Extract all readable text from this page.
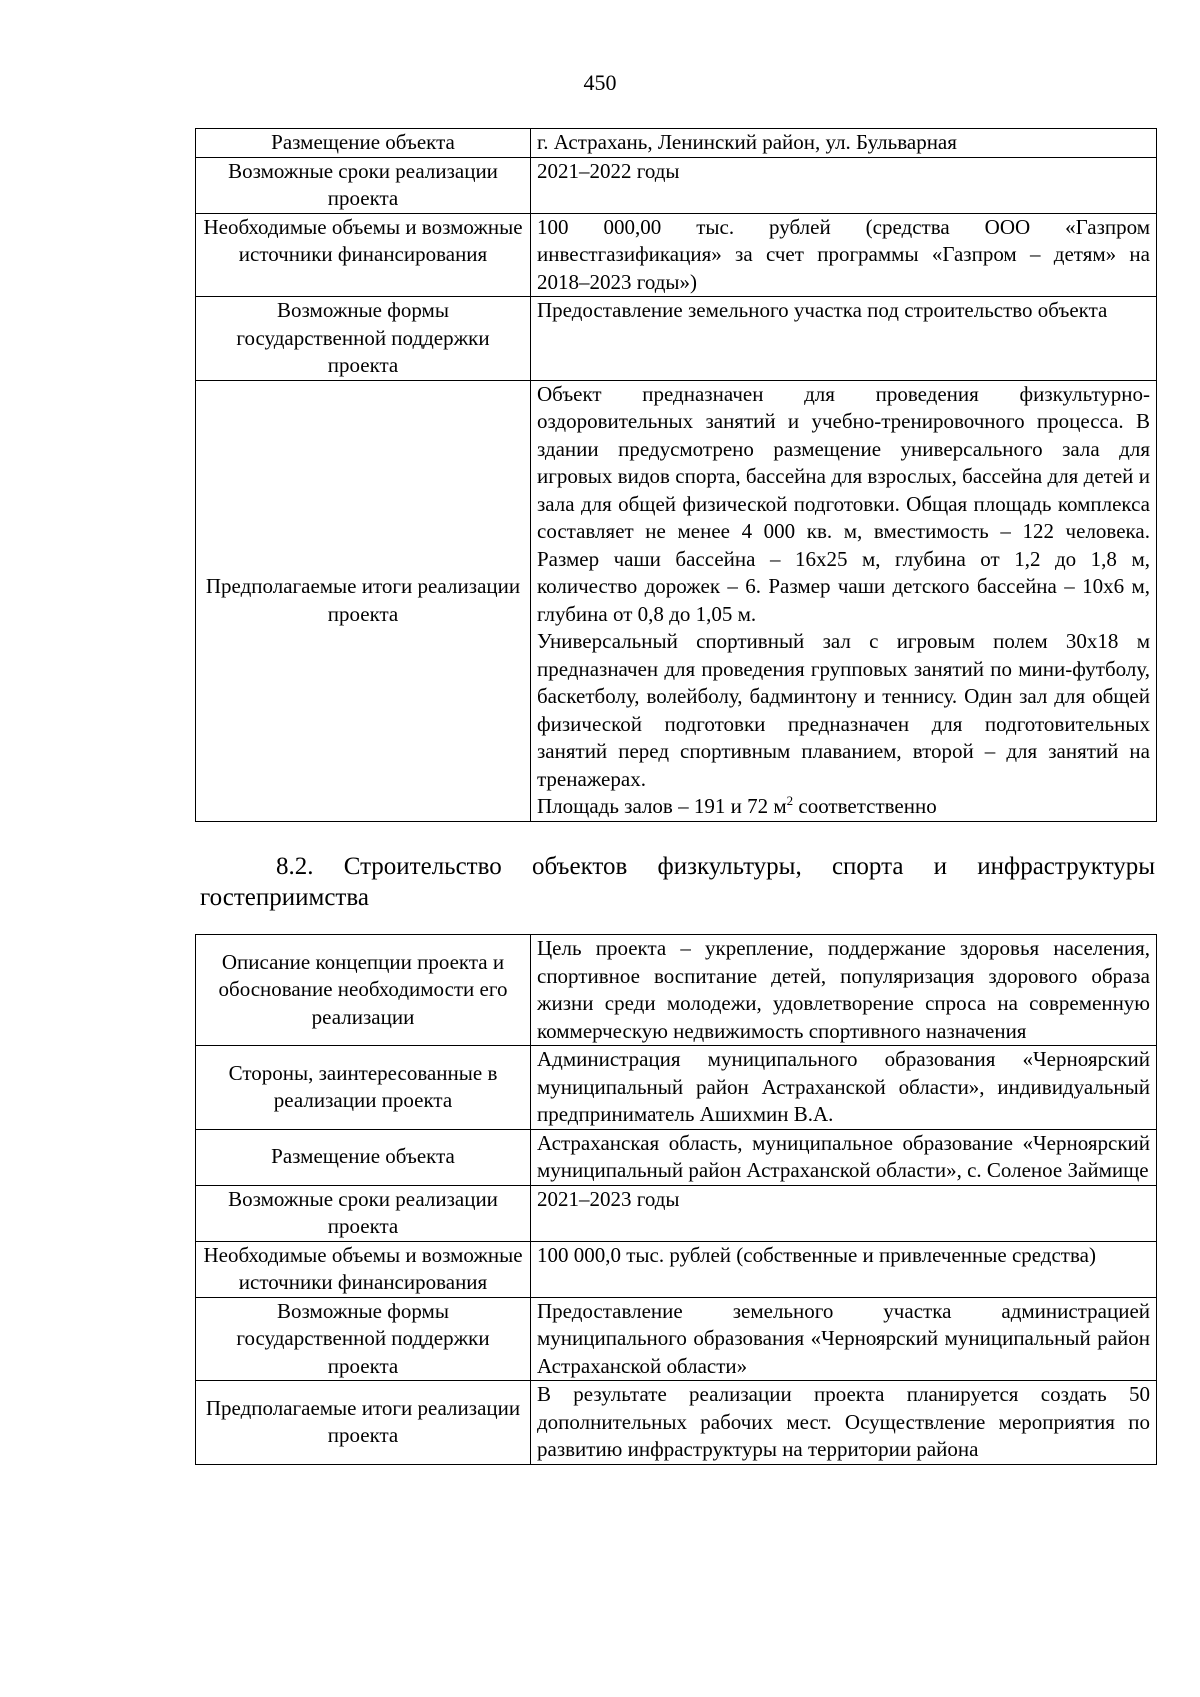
450
Размещение объекта	г. Астрахань, Ленинский район, ул. Бульварная
Возможные сроки реализации проекта	2021–2022 годы
Необходимые объемы и возможные источники финансирования	100 000,00 тыс. рублей (средства ООО «Газпром инвестгазификация» за счет программы «Газпром – детям» на 2018–2023 годы»)
Возможные формы государственной поддержки проекта	Предоставление земельного участка под строительство объекта
Предполагаемые итоги реализации проекта	Объект предназначен для проведения физкультурно-оздоровительных занятий и учебно-тренировочного процесса. В здании предусмотрено размещение универсального зала для игровых видов спорта, бассейна для взрослых, бассейна для детей и зала для общей физической подготовки. Общая площадь комплекса составляет не менее 4 000 кв. м, вместимость – 122 человека. Размер чаши бассейна – 16х25 м, глубина от 1,2 до 1,8 м, количество дорожек – 6. Размер чаши детского бассейна – 10х6 м, глубина от 0,8 до 1,05 м.
Универсальный спортивный зал с игровым полем 30х18 м предназначен для проведения групповых занятий по мини-футболу, баскетболу, волейболу, бадминтону и теннису. Один зал для общей физической подготовки предназначен для подготовительных занятий перед спортивным плаванием, второй – для занятий на тренажерах.
Площадь залов – 191 и 72 $м^2$ соответственно
8.2. Строительство объектов физкультуры, спорта и инфраструктуры гостеприимства
Описание концепции проекта и обоснование необходимости его реализации	Цель проекта – укрепление, поддержание здоровья населения, спортивное воспитание детей, популяризация здорового образа жизни среди молодежи, удовлетворение спроса на современную коммерческую недвижимость спортивного назначения
Стороны, заинтересованные в реализации проекта	Администрация муниципального образования «Черноярский муниципальный район Астраханской области», индивидуальный предприниматель Ашихмин В.А.
Размещение объекта	Астраханская область, муниципальное образование «Черноярский муниципальный район Астраханской области», с. Соленое Займище
Возможные сроки реализации проекта	2021–2023 годы
Необходимые объемы и возможные источники финансирования	100 000,0 тыс. рублей (собственные и привлеченные средства)
Возможные формы государственной поддержки проекта	Предоставление земельного участка администрацией муниципального образования «Черноярский муниципальный район Астраханской области»
Предполагаемые итоги реализации проекта	В результате реализации проекта планируется создать 50 дополнительных рабочих мест. Осуществление мероприятия по развитию инфраструктуры на территории района
